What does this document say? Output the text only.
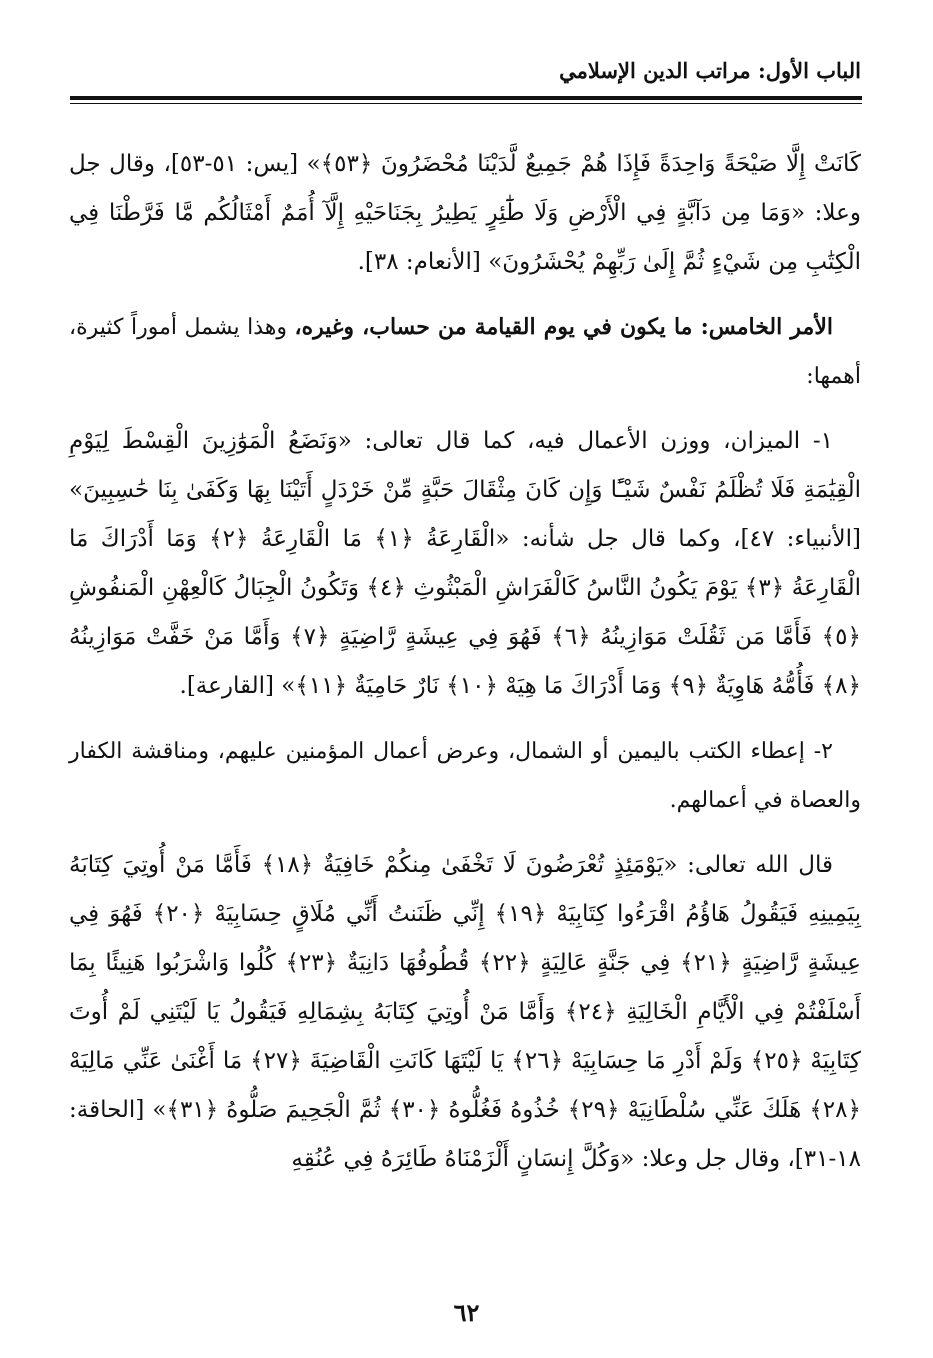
الباب الأول: مراتب الدين الإسلامي

كَانَتْ إِلَّا صَيْحَةً وَاحِدَةً فَإِذَا هُمْ جَمِيعٌ لَّدَيْنَا مُحْضَرُونَ ﴿٥٣﴾» [يس: ٥١-٥٣]، وقال جل وعلا: «وَمَا مِن دَآبَّةٍ فِي الْأَرْضِ وَلَا طَٰٓئِرٍ يَطِيرُ بِجَنَاحَيْهِ إِلَّآ أُمَمٌ أَمْثَالُكُم مَّا فَرَّطْنَا فِي الْكِتَٰبِ مِن شَيْءٍ ثُمَّ إِلَىٰ رَبِّهِمْ يُحْشَرُونَ» [الأنعام: ٣٨].

الأمر الخامس: ما يكون في يوم القيامة من حساب، وغيره، وهذا يشمل أموراً كثيرة، أهمها:

١- الميزان، ووزن الأعمال فيه، كما قال تعالى: «وَنَضَعُ الْمَوَٰزِينَ الْقِسْطَ لِيَوْمِ الْقِيَٰمَةِ فَلَا تُظْلَمُ نَفْسٌ شَيْـًٔا وَإِن كَانَ مِثْقَالَ حَبَّةٍ مِّنْ خَرْدَلٍ أَتَيْنَا بِهَا وَكَفَىٰ بِنَا حَٰسِبِينَ» [الأنبياء: ٤٧]، وكما قال جل شأنه: «الْقَارِعَةُ ﴿١﴾ مَا الْقَارِعَةُ ﴿٢﴾ وَمَا أَدْرَاكَ مَا الْقَارِعَةُ ﴿٣﴾ يَوْمَ يَكُونُ النَّاسُ كَالْفَرَاشِ الْمَبْثُوثِ ﴿٤﴾ وَتَكُونُ الْجِبَالُ كَالْعِهْنِ الْمَنفُوشِ ﴿٥﴾ فَأَمَّا مَن ثَقُلَتْ مَوَازِينُهُ ﴿٦﴾ فَهُوَ فِي عِيشَةٍ رَّاضِيَةٍ ﴿٧﴾ وَأَمَّا مَنْ خَفَّتْ مَوَازِينُهُ ﴿٨﴾ فَأُمُّهُ هَاوِيَةٌ ﴿٩﴾ وَمَا أَدْرَاكَ مَا هِيَهْ ﴿١٠﴾ نَارٌ حَامِيَةٌ ﴿١١﴾» [القارعة].

٢- إعطاء الكتب باليمين أو الشمال، وعرض أعمال المؤمنين عليهم، ومناقشة الكفار والعصاة في أعمالهم.

قال الله تعالى: «يَوْمَئِذٍ تُعْرَضُونَ لَا تَخْفَىٰ مِنكُمْ خَافِيَةٌ ﴿١٨﴾ فَأَمَّا مَنْ أُوتِيَ كِتَابَهُ بِيَمِينِهِ فَيَقُولُ هَاؤُمُ اقْرَءُوا كِتَابِيَهْ ﴿١٩﴾ إِنِّي ظَنَنتُ أَنِّي مُلَاقٍ حِسَابِيَهْ ﴿٢٠﴾ فَهُوَ فِي عِيشَةٍ رَّاضِيَةٍ ﴿٢١﴾ فِي جَنَّةٍ عَالِيَةٍ ﴿٢٢﴾ قُطُوفُهَا دَانِيَةٌ ﴿٢٣﴾ كُلُوا وَاشْرَبُوا هَنِيئًا بِمَا أَسْلَفْتُمْ فِي الْأَيَّامِ الْخَالِيَةِ ﴿٢٤﴾ وَأَمَّا مَنْ أُوتِيَ كِتَابَهُ بِشِمَالِهِ فَيَقُولُ يَا لَيْتَنِي لَمْ أُوتَ كِتَابِيَهْ ﴿٢٥﴾ وَلَمْ أَدْرِ مَا حِسَابِيَهْ ﴿٢٦﴾ يَا لَيْتَهَا كَانَتِ الْقَاضِيَةَ ﴿٢٧﴾ مَا أَغْنَىٰ عَنِّي مَالِيَهْ ﴿٢٨﴾ هَلَكَ عَنِّي سُلْطَانِيَهْ ﴿٢٩﴾ خُذُوهُ فَغُلُّوهُ ﴿٣٠﴾ ثُمَّ الْجَحِيمَ صَلُّوهُ ﴿٣١﴾» [الحاقة: ١٨-٣١]، وقال جل وعلا: «وَكُلَّ إِنسَانٍ أَلْزَمْنَاهُ طَائِرَهُ فِي عُنُقِهِ

٦٢
